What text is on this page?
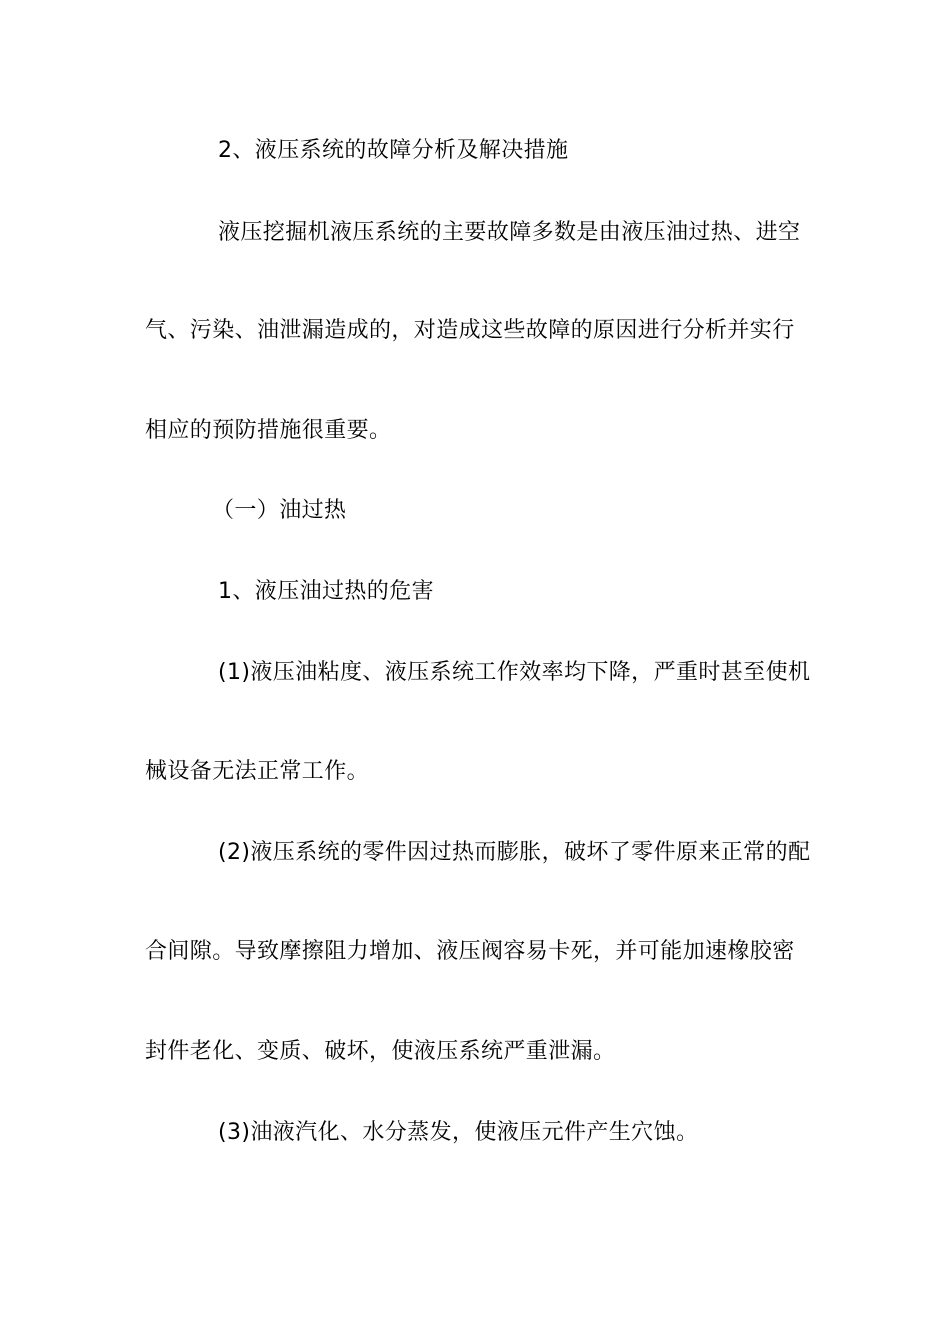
2、液压系统的故障分析及解决措施
液压挖掘机液压系统的主要故障多数是由液压油过热、进空
气、污染、油泄漏造成的，对造成这些故障的原因进行分析并实行
相应的预防措施很重要。
（一）油过热
1、液压油过热的危害
(1)液压油粘度、液压系统工作效率均下降，严重时甚至使机
械设备无法正常工作。
(2)液压系统的零件因过热而膨胀，破坏了零件原来正常的配
合间隙。导致摩擦阻力增加、液压阀容易卡死，并可能加速橡胶密
封件老化、变质、破坏，使液压系统严重泄漏。
(3)油液汽化、水分蒸发，使液压元件产生穴蚀。
